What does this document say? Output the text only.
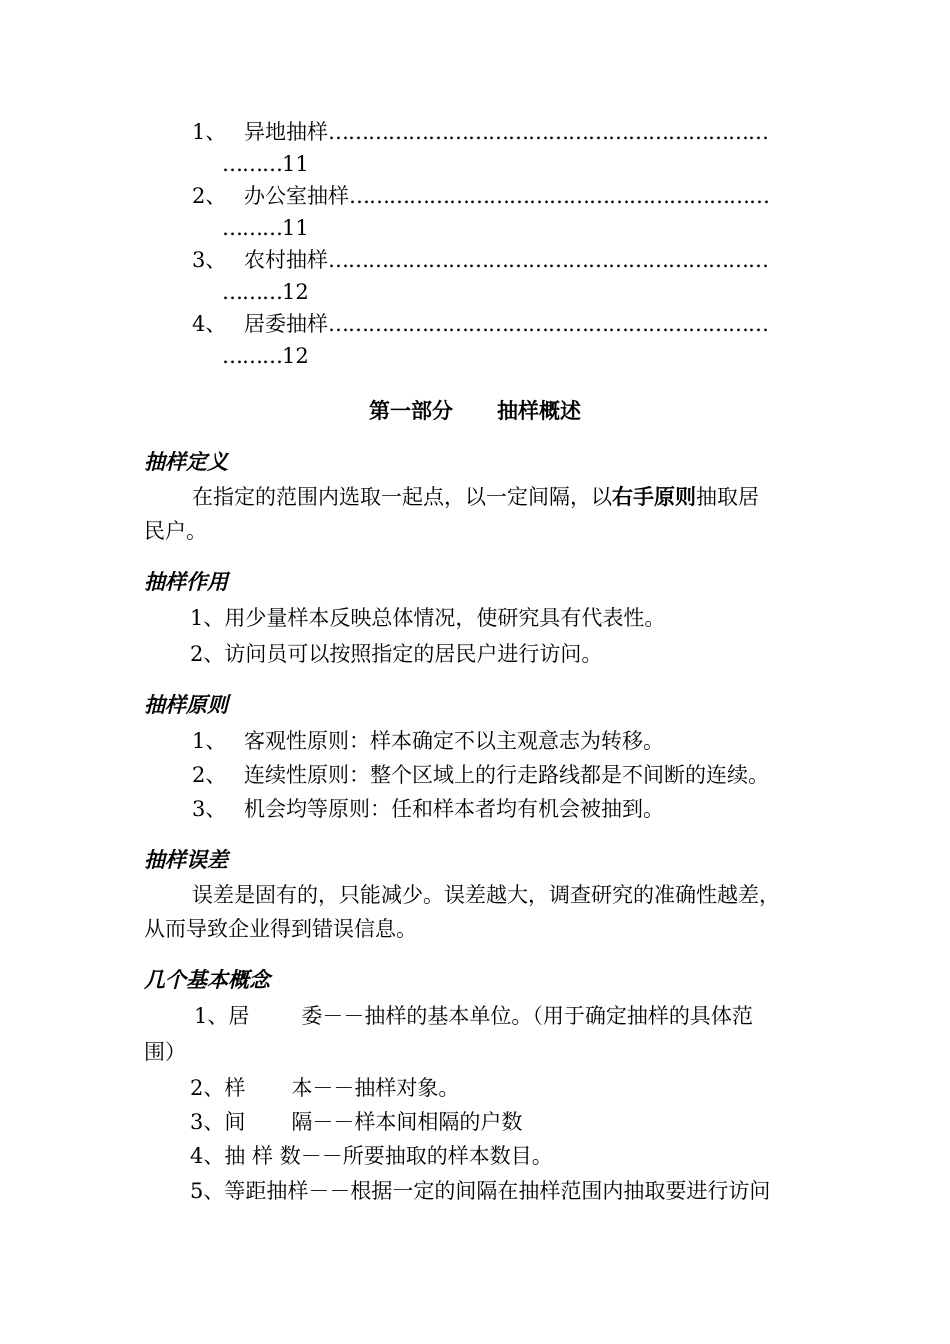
1、 异地抽样…………………………………………………………
………11
2、 办公室抽样………………………………………………………
………11
3、 农村抽样…………………………………………………………
………12
4、 居委抽样…………………………………………………………
………12
第一部分 抽样概述
抽样定义
在指定的范围内选取一起点，以一定间隔，以右手原则抽取居
民户。
抽样作用
1、用少量样本反映总体情况，使研究具有代表性。
2、访问员可以按照指定的居民户进行访问。
抽样原则
1、 客观性原则：样本确定不以主观意志为转移。
2、 连续性原则：整个区域上的行走路线都是不间断的连续。
3、 机会均等原则：任和样本者均有机会被抽到。
抽样误差
误差是固有的，只能减少。误差越大，调查研究的准确性越差，
从而导致企业得到错误信息。
几个基本概念
1、居 委－－抽样的基本单位。（用于确定抽样的具体范
围）
2、样 本－－抽样对象。
3、间 隔－－样本间相隔的户数
4、抽 样 数－－所要抽取的样本数目。
5、等距抽样－－根据一定的间隔在抽样范围内抽取要进行访问
